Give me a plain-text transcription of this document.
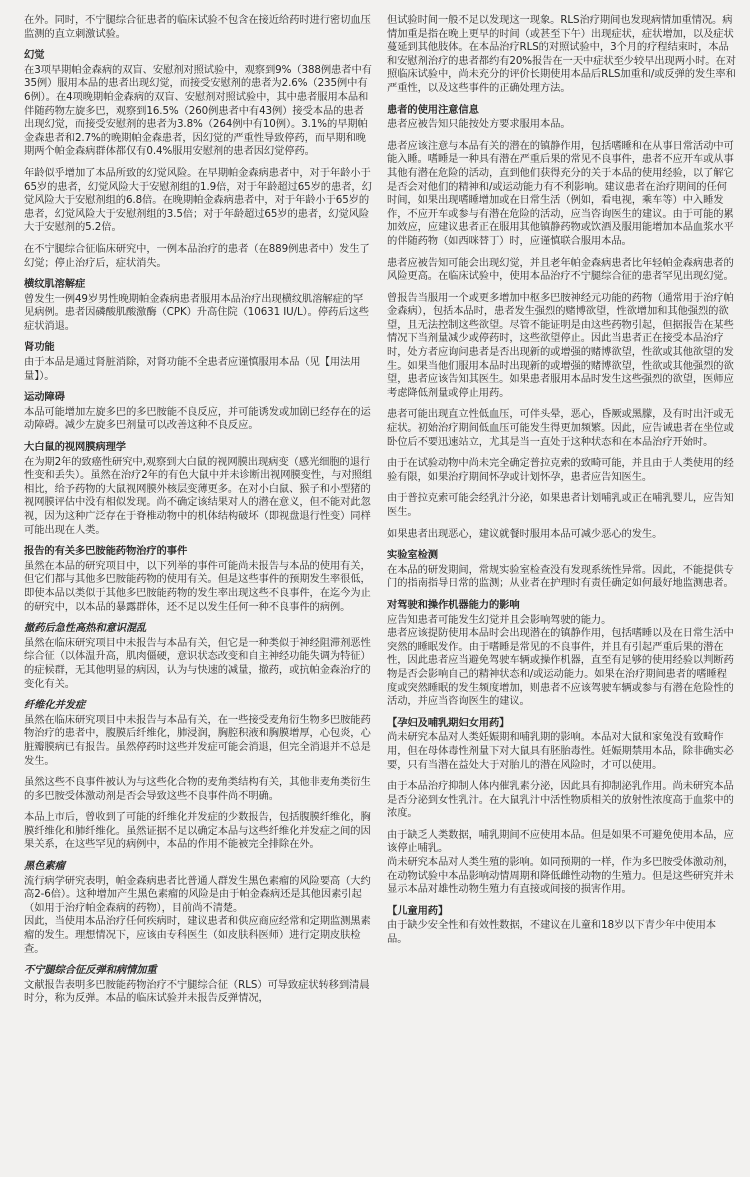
在外。同时，不宁腿综合征患者的临床试验不包含在接近给药时进行密切血压监测的直立刺激试验。

幻觉

在3项早期帕金森病的双盲、安慰剂对照试验中，观察到9%（388例患者中有35例）服用本品的患者出现幻觉，而接受安慰剂的患者为2.6%（235例中有6例）。在4项晚期帕金森病的双盲、安慰剂对照试验中，其中患者服用本品和伴随药物左旋多巴，观察到16.5%（260例患者中有43例）接受本品的患者出现幻觉，而接受安慰剂的患者为3.8%（264例中有10例）。3.1%的早期帕金森患者和2.7%的晚期帕金森患者，因幻觉的严重性导致停药，而早期和晚期两个帕金森病群体都仅有0.4%服用安慰剂的患者因幻觉停药。

年龄似乎增加了本品所致的幻觉风险。在早期帕金森病患者中，对于年龄小于65岁的患者，幻觉风险大于安慰剂组的1.9倍，对于年龄超过65岁的患者，幻觉风险大于安慰剂组的6.8倍。在晚期帕金森病患者中，对于年龄小于65岁的患者，幻觉风险大于安慰剂组的3.5倍；对于年龄超过65岁的患者，幻觉风险大于安慰剂的5.2倍。

在不宁腿综合征临床研究中，一例本品治疗的患者（在889例患者中）发生了幻觉；停止治疗后，症状消失。

横纹肌溶解症

曾发生一例49岁男性晚期帕金森病患者服用本品治疗出现横纹肌溶解症的罕见病例。患者因磷酸肌酸激酶（CPK）升高住院（10631 IU/L）。停药后这些症状消退。

肾功能

由于本品是通过肾脏消除，对肾功能不全患者应谨慎服用本品（见【用法用量】）。

运动障碍

本品可能增加左旋多巴的多巴胺能不良反应，并可能诱发或加剧已经存在的运动障碍。减少左旋多巴剂量可以改善这种不良反应。

大白鼠的视网膜病理学

在为期2年的致癌性研究中,观察到大白鼠的视网膜出现病变（感光细胞的退行性变和丢失）。虽然在治疗2年的有色大鼠中并未诊断出视网膜变性，与对照组相比，给予药物的大鼠视网膜外核层变薄更多。在对小白鼠、猴子和小型猪的视网膜评估中没有相似发现。尚不确定该结果对人的潜在意义，但不能对此忽视，因为这种广泛存在于脊椎动物中的机体结构破坏（即视盘退行性变）同样可能出现在人类。

报告的有关多巴胺能药物治疗的事件

虽然在本品的研究项目中，以下列举的事件可能尚未报告与本品的使用有关，但它们都与其他多巴胺能药物的使用有关。但是这些事件的预期发生率很低，即使本品以类似于其他多巴胺能药物的发生率出现这些不良事件，在迄今为止的研究中，以本品的暴露群体，还不足以发生任何一种不良事件的病例。

撤药后急性高热和意识混乱

虽然在临床研究项目中未报告与本品有关，但它是一种类似于神经阻滞剂恶性综合征（以体温升高，肌肉僵硬，意识状态改变和自主神经功能失调为特征）的症候群，无其他明显的病因，认为与快速的减量，撤药，或抗帕金森治疗的变化有关。

纤维化并发症

虽然在临床研究项目中未报告与本品有关，在一些接受麦角衍生物多巴胺能药物治疗的患者中，腹膜后纤维化，肺浸润，胸腔积液和胸膜增厚，心包炎，心脏瓣膜病已有报告。虽然停药时这些并发症可能会消退，但完全消退并不总是发生。

虽然这些不良事件被认为与这些化合物的麦角类结构有关，其他非麦角类衍生的多巴胺受体激动剂是否会导致这些不良事件尚不明确。

本品上市后，曾收到了可能的纤维化并发症的少数报告，包括腹膜纤维化，胸膜纤维化和肺纤维化。虽然证据不足以确定本品与这些纤维化并发症之间的因果关系，在这些罕见的病例中，本品的作用不能被完全排除在外。

黑色素瘤

流行病学研究表明，帕金森病患者比普通人群发生黑色素瘤的风险要高（大约高2-6倍）。这种增加产生黑色素瘤的风险是由于帕金森病还是其他因素引起（如用于治疗帕金森病的药物），目前尚不清楚。
因此，当使用本品治疗任何疾病时，建议患者和供应商应经常和定期监测黑素瘤的发生。理想情况下，应该由专科医生（如皮肤科医师）进行定期皮肤检查。

不宁腿综合征反弹和病情加重

文献报告表明多巴胺能药物治疗不宁腿综合征（RLS）可导致症状转移到清晨时分，称为反弹。本品的临床试验并未报告反弹情况，

但试验时间一般不足以发现这一现象。RLS治疗期间也发现病情加重情况。病情加重是指在晚上更早的时间（或甚至下午）出现症状，症状增加，以及症状蔓延到其他肢体。在本品治疗RLS的对照试验中，3个月的疗程结束时，本品和安慰剂治疗的患者都约有20%报告在一天中症状至少较早出现两小时。在对照临床试验中，尚未充分的评价长期使用本品后RLS加重和/或反弹的发生率和严重性，以及这些事件的正确处理方法。

患者的使用注意信息

患者应被告知只能按处方要求服用本品。

患者应该注意与本品有关的潜在的镇静作用，包括嗜睡和在从事日常活动中可能入睡。嗜睡是一种具有潜在严重后果的常见不良事件，患者不应开车或从事其他有潜在危险的活动，直到他们获得充分的关于本品的使用经验，以了解它是否会对他们的精神和/或运动能力有不利影响。建议患者在治疗期间的任何时间，如果出现嗜睡增加或在日常生活（例如，看电视，乘车等）中入睡发作，不应开车或参与有潜在危险的活动，应当咨询医生的建议。由于可能的累加效应，应建议患者正在服用其他镇静药物或饮酒及服用能增加本品血浆水平的伴随药物（如西咪替丁）时，应谨慎联合服用本品。

患者应被告知可能会出现幻觉，并且老年帕金森病患者比年轻帕金森病患者的风险更高。在临床试验中，使用本品治疗不宁腿综合征的患者罕见出现幻觉。

曾报告当服用一个或更多增加中枢多巴胺神经元功能的药物（通常用于治疗帕金森病），包括本品时，患者发生强烈的赌博欲望，性欲增加和其他强烈的欲望，且无法控制这些欲望。尽管不能证明是由这些药物引起，但据报告在某些情况下当剂量减少或停药时，这些欲望停止。因此当患者正在接受本品治疗时，处方者应询问患者是否出现新的或增强的赌博欲望，性欲或其他欲望的发生。如果当他们服用本品时出现新的或增强的赌博欲望，性欲或其他强烈的欲望，患者应该告知其医生。如果患者服用本品时发生这些强烈的欲望，医师应考虑降低剂量或停止用药。

患者可能出现直立性低血压，可伴头晕，恶心，昏厥或黑朦，及有时出汗或无症状。初始治疗期间低血压可能发生得更加频繁。因此，应告诫患者在坐位或卧位后不要迅速站立，尤其是当一直处于这种状态和在本品治疗开始时。

由于在试验动物中尚未完全确定普拉克索的致畸可能，并且由于人类使用的经验有限，如果治疗期间怀孕或计划怀孕，患者应告知医生。

由于普拉克索可能会经乳汁分泌，如果患者计划哺乳或正在哺乳婴儿，应告知医生。

如果患者出现恶心，建议就餐时服用本品可减少恶心的发生。

实验室检测

在本品的研发期间，常规实验室检查没有发现系统性异常。因此，不能提供专门的指南指导日常的监测；从业者在护理时有责任确定如何最好地监测患者。

对驾驶和操作机器能力的影响

应告知患者可能发生幻觉并且会影响驾驶的能力。
患者应该提防使用本品时会出现潜在的镇静作用，包括嗜睡以及在日常生活中突然的睡眠发作。由于嗜睡是常见的不良事件，并且有引起严重后果的潜在性，因此患者应当避免驾驶车辆或操作机器，直至有足够的使用经验以判断药物是否会影响自己的精神状态和/或运动能力。如果在治疗期间患者的嗜睡程度或突然睡眠的发生频度增加，则患者不应该驾驶车辆或参与有潜在危险性的活动，并应当咨询医生的建议。

【孕妇及哺乳期妇女用药】

尚未研究本品对人类妊娠期和哺乳期的影响。本品对大鼠和家兔没有致畸作用，但在母体毒性剂量下对大鼠具有胚胎毒性。妊娠期禁用本品，除非确实必要，只有当潜在益处大于对胎儿的潜在风险时，才可以使用。

由于本品治疗抑制人体内催乳素分泌，因此具有抑制泌乳作用。尚未研究本品是否分泌到女性乳汁。在大鼠乳汁中活性物质相关的放射性浓度高于血浆中的浓度。

由于缺乏人类数据，哺乳期间不应使用本品。但是如果不可避免使用本品，应该停止哺乳。
尚未研究本品对人类生殖的影响。如同预期的一样，作为多巴胺受体激动剂，在动物试验中本品影响动情周期和降低雌性动物的生殖力。但是这些研究并未显示本品对雄性动物生殖力有直接或间接的损害作用。

【儿童用药】

由于缺少安全性和有效性数据，不建议在儿童和18岁以下青少年中使用本品。
